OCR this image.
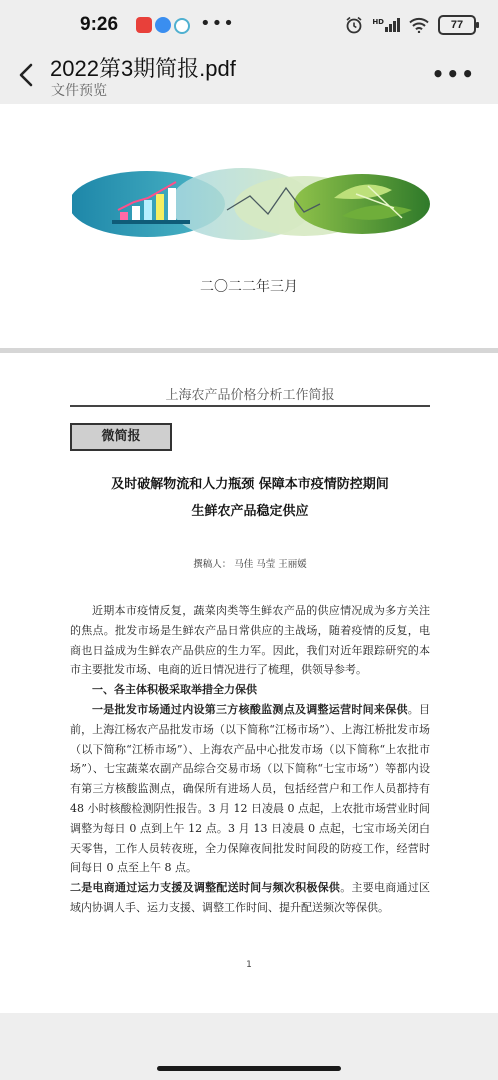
9:26	•••	HD	77
2022第3期简报.pdf
文件预览
•••
二〇二二年三月
上海农产品价格分析工作简报
微简报
及时破解物流和人力瓶颈 保障本市疫情防控期间
生鲜农产品稳定供应
撰稿人： 马佳 马莹 王丽媛

近期本市疫情反复，蔬菜肉类等生鲜农产品的供应情况成为多方关注的焦点。批发市场是生鲜农产品日常供应的主战场，随着疫情的反复，电商也日益成为生鲜农产品供应的生力军。因此，我们对近年跟踪研究的本市主要批发市场、电商的近日情况进行了梳理，供领导参考。

一、各主体积极采取举措全力保供

一是批发市场通过内设第三方核酸监测点及调整运营时间来保供。目前，上海江杨农产品批发市场（以下简称“江杨市场”）、上海江桥批发市场（以下简称“江桥市场”）、上海农产品中心批发市场（以下简称“上农批市场”）、七宝蔬菜农副产品综合交易市场（以下简称“七宝市场”）等都内设有第三方核酸监测点，确保所有进场人员，包括经营户和工作人员都持有 48 小时核酸检测阴性报告。3 月 12 日凌晨 0 点起，上农批市场营业时间调整为每日 0 点到上午 12 点。3 月 13 日凌晨 0 点起，七宝市场关闭白天零售，工作人员转夜班，全力保障夜间批发时间段的防疫工作，经营时间每日 0 点至上午 8 点。

二是电商通过运力支援及调整配送时间与频次积极保供。主要电商通过区域内协调人手、运力支援、调整工作时间、提升配送频次等保供。

1
